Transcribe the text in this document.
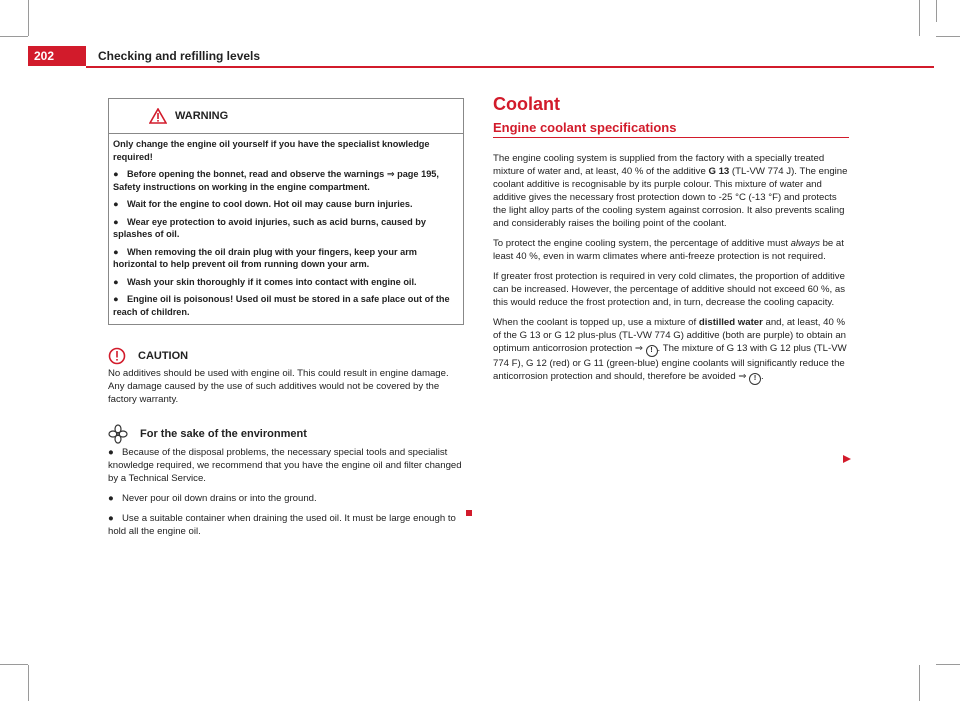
202	Checking and refilling levels
WARNING

Only change the engine oil yourself if you have the specialist knowledge required!

● Before opening the bonnet, read and observe the warnings ⇒ page 195, Safety instructions on working in the engine compartment.

● Wait for the engine to cool down. Hot oil may cause burn injuries.

● Wear eye protection to avoid injuries, such as acid burns, caused by splashes of oil.

● When removing the oil drain plug with your fingers, keep your arm horizontal to help prevent oil from running down your arm.

● Wash your skin thoroughly if it comes into contact with engine oil.

● Engine oil is poisonous! Used oil must be stored in a safe place out of the reach of children.

CAUTION

No additives should be used with engine oil. This could result in engine damage. Any damage caused by the use of such additives would not be covered by the factory warranty.

For the sake of the environment

● Because of the disposal problems, the necessary special tools and specialist knowledge required, we recommend that you have the engine oil and filter changed by a Technical Service.

● Never pour oil down drains or into the ground.

● Use a suitable container when draining the used oil. It must be large enough to hold all the engine oil.

Coolant
Engine coolant specifications

The engine cooling system is supplied from the factory with a specially treated mixture of water and, at least, 40 % of the additive G 13 (TL-VW 774 J). The engine coolant additive is recognisable by its purple colour. This mixture of water and additive gives the necessary frost protection down to -25 °C (-13 °F) and protects the light alloy parts of the cooling system against corrosion. It also prevents scaling and considerably raises the boiling point of the coolant.

To protect the engine cooling system, the percentage of additive must always be at least 40 %, even in warm climates where anti-freeze protection is not required.

If greater frost protection is required in very cold climates, the proportion of additive can be increased. However, the percentage of additive should not exceed 60 %, as this would reduce the frost protection and, in turn, decrease the cooling capacity.

When the coolant is topped up, use a mixture of distilled water and, at least, 40 % of the G 13 or G 12 plus-plus (TL-VW 774 G) additive (both are purple) to obtain an optimum anticorrosion protection ⇒ ! . The mixture of G 13 with G 12 plus (TL-VW 774 F), G 12 (red) or G 11 (green-blue) engine coolants will significantly reduce the anticorrosion protection and should, therefore be avoided ⇒ ! .
